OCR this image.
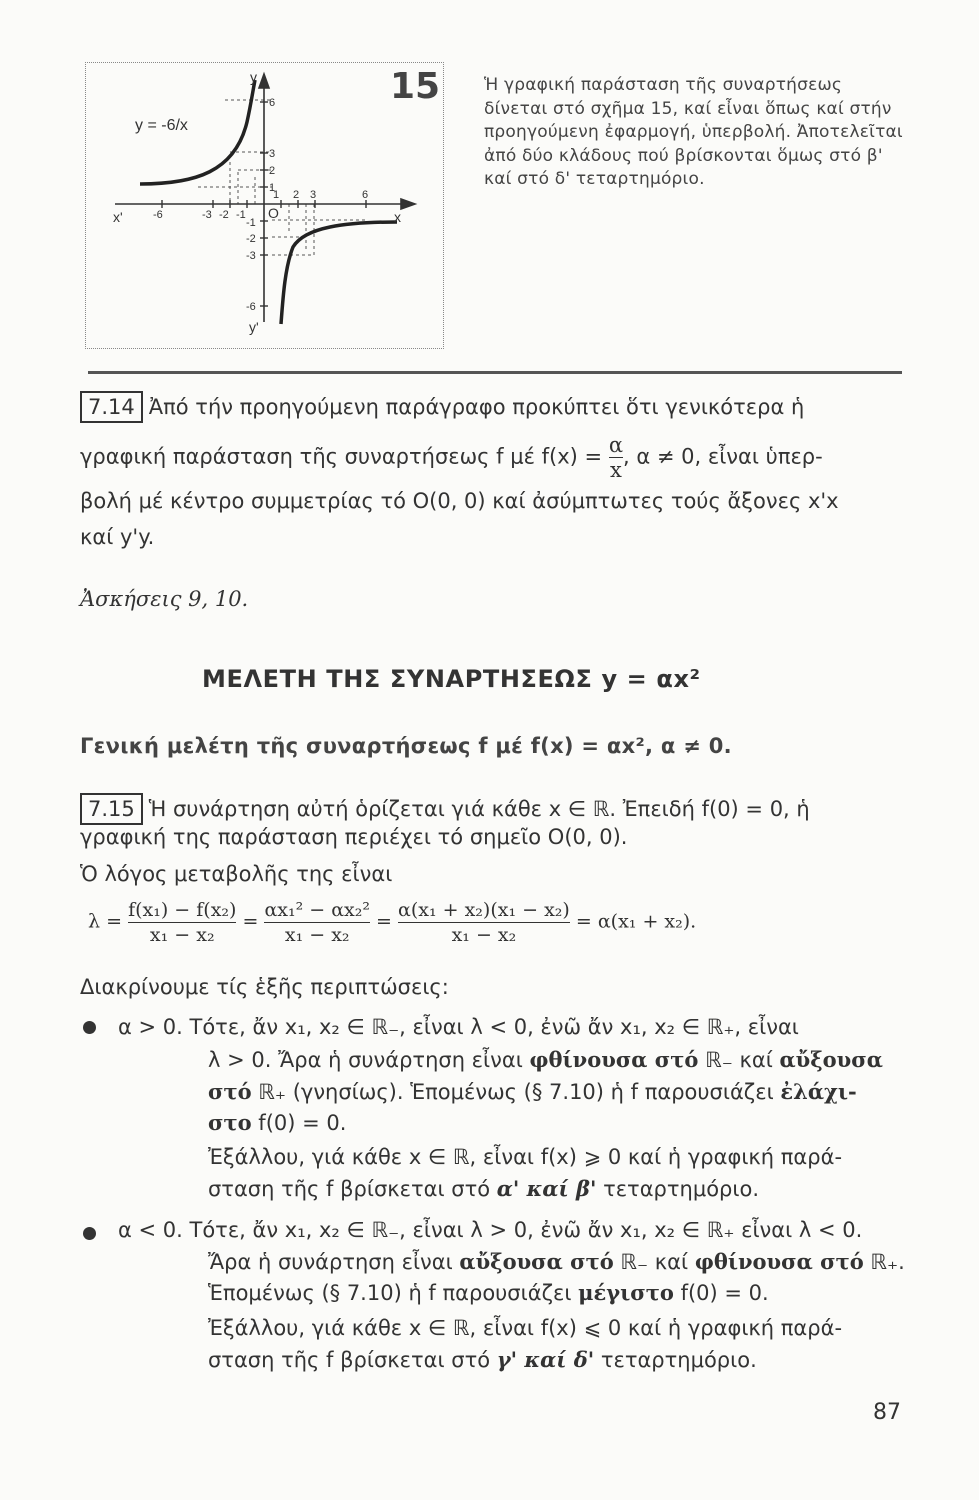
-6	-3 -2 -1
1 2 3	6
6
3
2
1
-1
-2
-3
-6
x'	x
y
y'
O
y = -6/x
15	Ἡ γραφική παράσταση τῆς συναρτήσεως δίνεται στό σχῆμα 15, καί εἶναι ὅπως καί στήν προηγούμενη ἐφαρμογή, ὑπερβολή. Ἀποτελεῖται ἀπό δύο κλάδους πού βρίσκονται ὅμως στό β' καί στό δ' τεταρτημόριο.
7.14 Ἀπό τήν προηγούμενη παράγραφο προκύπτει ὅτι γενικότερα ἡ
γραφική παράσταση τῆς συναρτήσεως f μέ $f(x) = \frac{\alpha}{x}$ , α ≠ 0, εἶναι ὑπερ-
βολή μέ κέντρο συμμετρίας τό O(0, 0) καί ἀσύμπτωτες τούς ἄξονες x'x
καί y'y.
Ἀσκήσεις 9, 10.
ΜΕΛΕΤΗ ΤΗΣ ΣΥΝΑΡΤΗΣΕΩΣ y = αx²
Γενική μελέτη τῆς συναρτήσεως f μέ f(x) = αx², α ≠ 0.
7.15 Ἡ συνάρτηση αὐτή ὁρίζεται γιά κάθε x ∈ ℝ. Ἐπειδή f(0) = 0, ἡ
γραφική της παράσταση περιέχει τό σημεῖο O(0, 0).
Ὁ λόγος μεταβολῆς της εἶναι
$\lambda = \frac{\text{f(x₁) − f(x₂)}}{\text{x₁ − x₂}} = \frac{\text{αx₁² − αx₂²}}{\text{x₁ − x₂}} = \frac{\text{α(x₁ + x₂)(x₁ − x₂)}}{\text{x₁ − x₂}} = \alpha(x_1 + x_2)$.
Διακρίνουμε τίς ἑξῆς περιπτώσεις:
α > 0. Τότε, ἄν x₁, x₂ ∈ ℝ₋, εἶναι λ < 0, ἐνῶ ἄν x₁, x₂ ∈ ℝ₊, εἶναι
λ > 0. Ἄρα ἡ συνάρτηση εἶναι φθίνουσα στό ℝ₋ καί αὔξουσα
στό ℝ₊ (γνησίως). Ἑπομένως (§ 7.10) ἡ f παρουσιάζει ἐλάχι-
στο f(0) = 0.
Ἐξάλλου, γιά κάθε x ∈ ℝ, εἶναι f(x) ⩾ 0 καί ἡ γραφική παρά-
σταση τῆς f βρίσκεται στό α' καί β' τεταρτημόριο.
α < 0. Τότε, ἄν x₁, x₂ ∈ ℝ₋, εἶναι λ > 0, ἐνῶ ἄν x₁, x₂ ∈ ℝ₊ εἶναι λ < 0.
Ἄρα ἡ συνάρτηση εἶναι αὔξουσα στό ℝ₋ καί φθίνουσα στό ℝ₊.
Ἑπομένως (§ 7.10) ἡ f παρουσιάζει μέγιστο f(0) = 0.
Ἐξάλλου, γιά κάθε x ∈ ℝ, εἶναι f(x) ⩽ 0 καί ἡ γραφική παρά-
σταση τῆς f βρίσκεται στό γ' καί δ' τεταρτημόριο.
87
